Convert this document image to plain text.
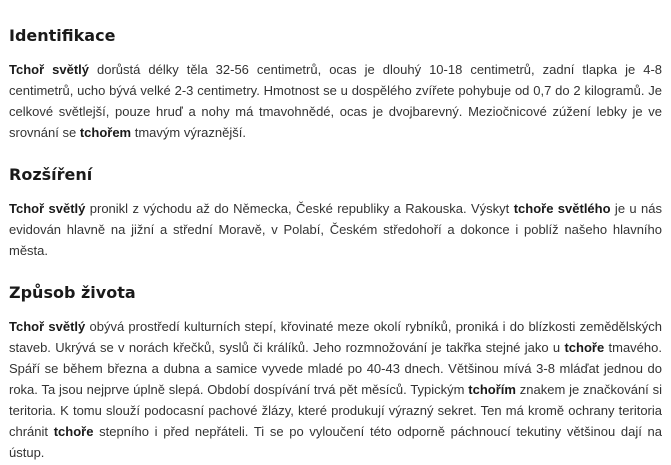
Identifikace

Tchoř světlý dorůstá délky těla 32-56 centimetrů, ocas je dlouhý 10-18 centimetrů, zadní tlapka je 4-8 centimetrů, ucho bývá velké 2-3 centimetry. Hmotnost se u dospělého zvířete pohybuje od 0,7 do 2 kilogramů. Je celkové světlejší, pouze hruď a nohy má tmavohnědé, ocas je dvojbarevný. Meziočnicové zúžení lebky je ve srovnání se tchořem tmavým výraznější.

Rozšíření

Tchoř světlý pronikl z východu až do Německa, České republiky a Rakouska. Výskyt tchoře světlého je u nás evidován hlavně na jižní a střední Moravě, v Polabí, Českém středohoří a dokonce i poblíž našeho hlavního města.

Způsob života

Tchoř světlý obývá prostředí kulturních stepí, křovinaté meze okolí rybníků, proniká i do blízkosti zemědělských staveb. Ukrývá se v norách křečků, syslů či králíků. Jeho rozmnožování je takřka stejné jako u tchoře tmavého. Spáří se během března a dubna a samice vyvede mladé po 40-43 dnech. Většinou mívá 3-8 mláďat jednou do roka. Ta jsou nejprve úplně slepá. Období dospívání trvá pět měsíců. Typickým tchořím znakem je značkování si teritoria. K tomu slouží podocasní pachové žlázy, které produkují výrazný sekret. Ten má kromě ochrany teritoria chránit tchoře stepního i před nepřáteli. Ti se po vyloučení této odporně páchnoucí tekutiny většinou dají na ústup.
